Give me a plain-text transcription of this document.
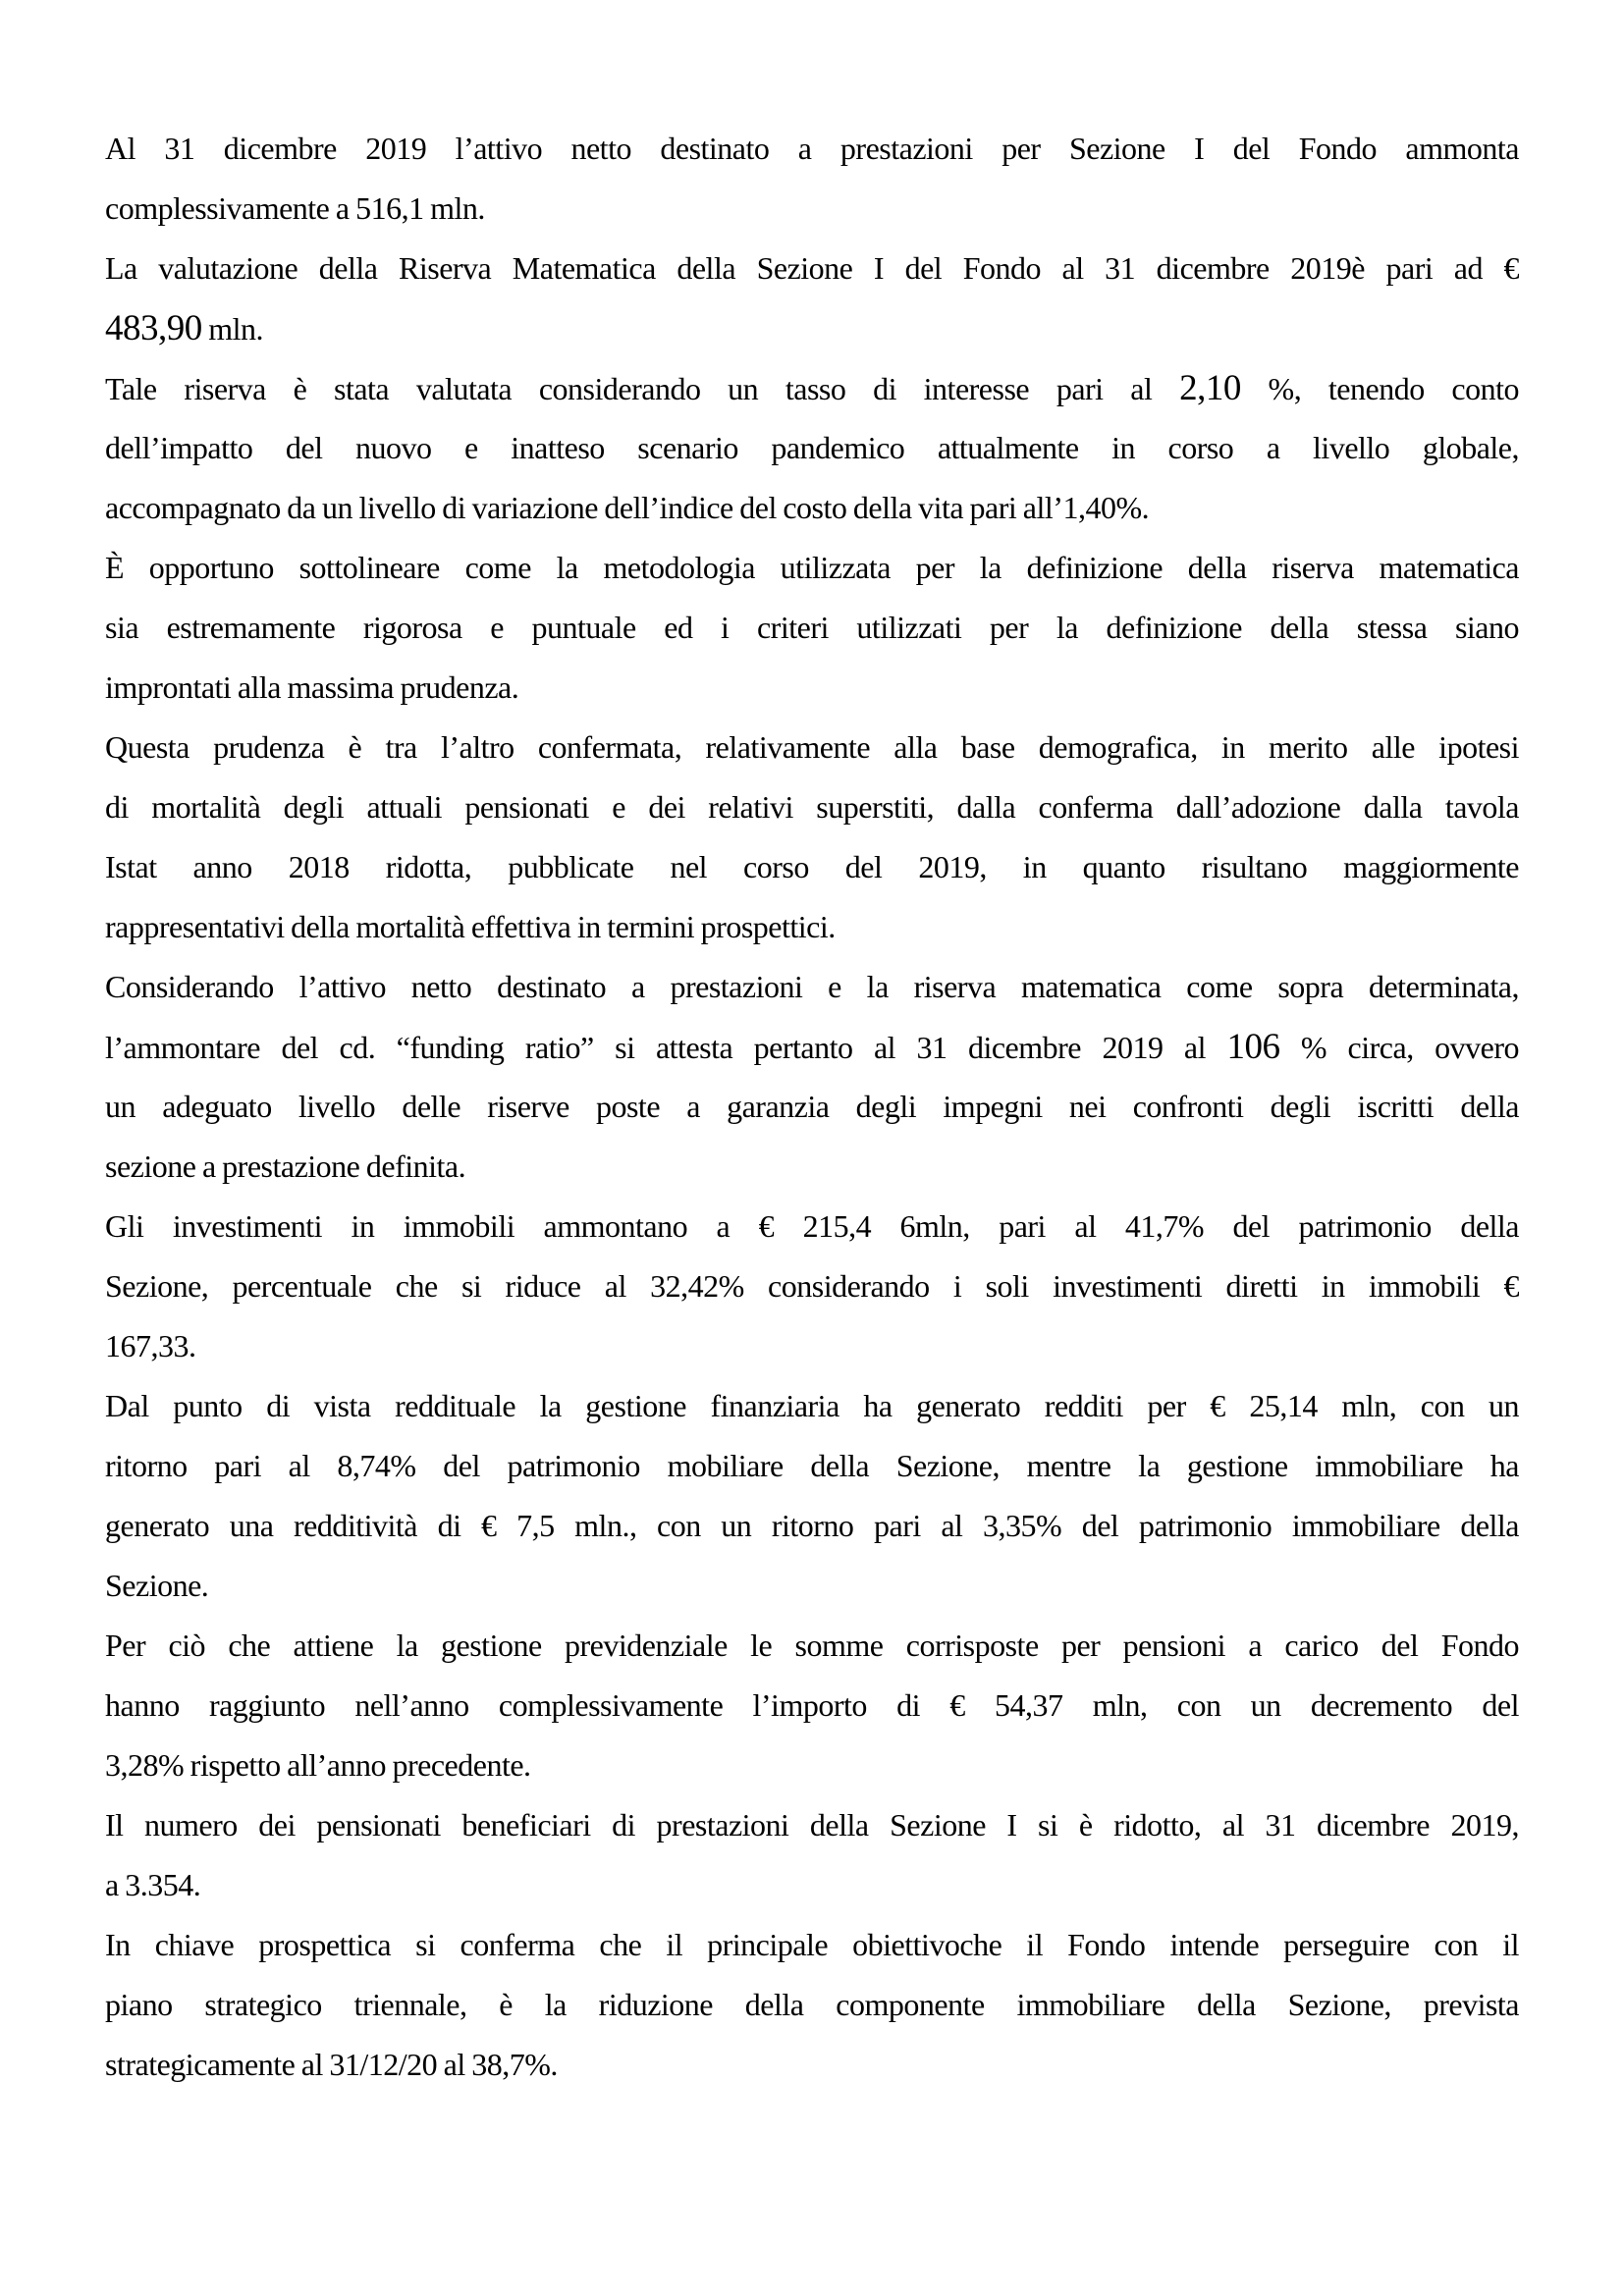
Al 31 dicembre 2019 l’attivo netto destinato a prestazioni per Sezione I del Fondo ammonta
complessivamente a 516,1 mln.
La valutazione della Riserva Matematica della Sezione I del Fondo al 31 dicembre 2019è pari ad €
483,90 mln.
Tale riserva è stata valutata considerando un tasso di interesse pari al 2,10 %, tenendo conto
dell’impatto del nuovo e inatteso scenario pandemico attualmente in corso a livello globale,
accompagnato da un livello di variazione dell’indice del costo della vita pari all’1,40%.
È opportuno sottolineare come la metodologia utilizzata per la definizione della riserva matematica
sia estremamente rigorosa e puntuale ed i criteri utilizzati per la definizione della stessa siano
improntati alla massima prudenza.
Questa prudenza è tra l’altro confermata, relativamente alla base demografica, in merito alle ipotesi
di mortalità degli attuali pensionati e dei relativi superstiti, dalla conferma dall’adozione dalla tavola
Istat anno 2018 ridotta, pubblicate nel corso del 2019, in quanto risultano maggiormente
rappresentativi della mortalità effettiva in termini prospettici.
Considerando l’attivo netto destinato a prestazioni e la riserva matematica come sopra determinata,
l’ammontare del cd. “funding ratio” si attesta pertanto al 31 dicembre 2019 al 106 % circa, ovvero
un adeguato livello delle riserve poste a garanzia degli impegni nei confronti degli iscritti della
sezione a prestazione definita.
Gli investimenti in immobili ammontano a € 215,4 6mln, pari al 41,7% del patrimonio della
Sezione, percentuale che si riduce al 32,42% considerando i soli investimenti diretti in immobili €
167,33.
Dal punto di vista reddituale la gestione finanziaria ha generato redditi per € 25,14 mln, con un
ritorno pari al 8,74% del patrimonio mobiliare della Sezione, mentre la gestione immobiliare ha
generato una redditività di € 7,5 mln., con un ritorno pari al 3,35% del patrimonio immobiliare della
Sezione.
Per ciò che attiene la gestione previdenziale le somme corrisposte per pensioni a carico del Fondo
hanno raggiunto nell’anno complessivamente l’importo di € 54,37 mln, con un decremento del
3,28% rispetto all’anno precedente.
Il numero dei pensionati beneficiari di prestazioni della Sezione I si è ridotto, al 31 dicembre 2019,
a 3.354.
In chiave prospettica si conferma che il principale obiettivoche il Fondo intende perseguire con il
piano strategico triennale, è la riduzione della componente immobiliare della Sezione, prevista
strategicamente al 31/12/20 al 38,7%.
